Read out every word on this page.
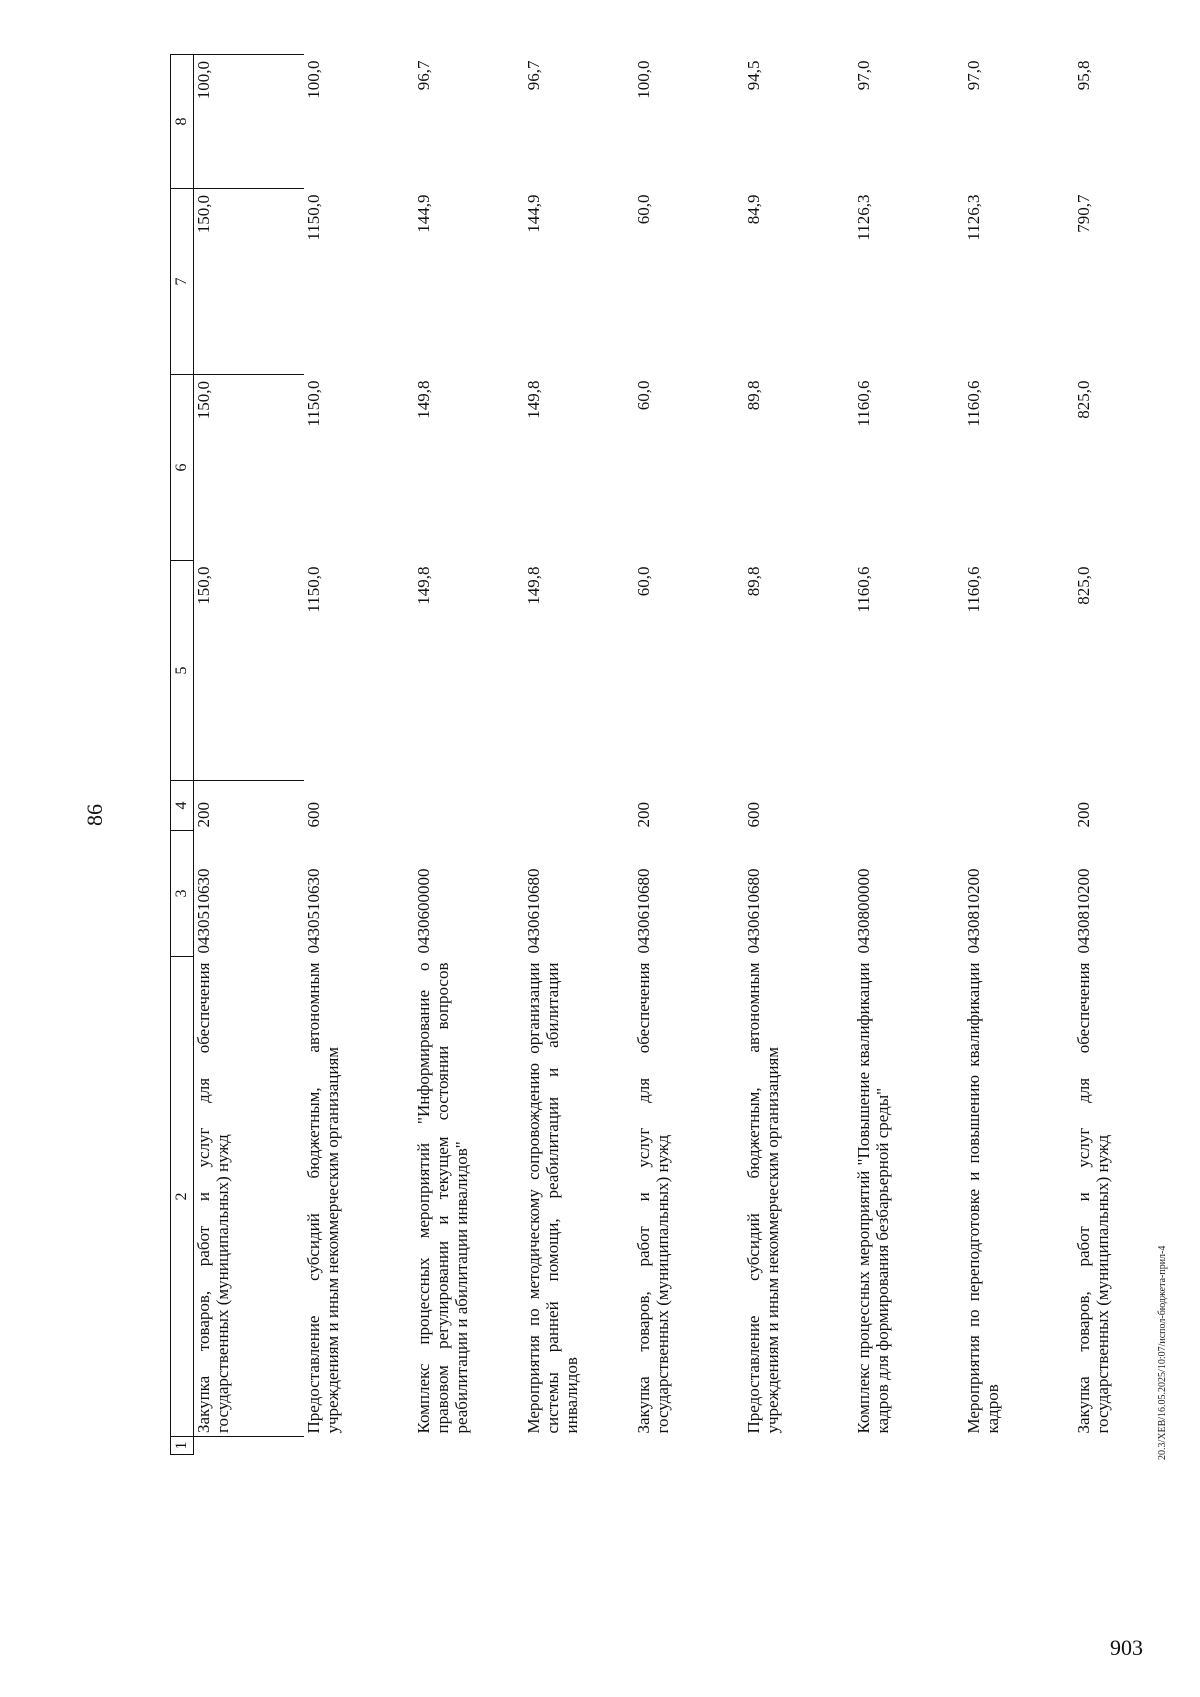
86
1	2	3	4	5	6	7	8
	Закупка товаров, работ и услуг для обеспечения государственных (муниципальных) нужд	0430510630	200	150,0	150,0	150,0	100,0
	Предоставление субсидий бюджетным, автономным учреждениям и иным некоммерческим организациям	0430510630	600	1150,0	1150,0	1150,0	100,0
	Комплекс процессных мероприятий "Информирование о правовом регулировании и текущем состоянии вопросов реабилитации и абилитации инвалидов"	0430600000		149,8	149,8	144,9	96,7
	Мероприятия по методическому сопровождению организации системы ранней помощи, реабилитации и абилитации инвалидов	0430610680		149,8	149,8	144,9	96,7
	Закупка товаров, работ и услуг для обеспечения государственных (муниципальных) нужд	0430610680	200	60,0	60,0	60,0	100,0
	Предоставление субсидий бюджетным, автономным учреждениям и иным некоммерческим организациям	0430610680	600	89,8	89,8	84,9	94,5
	Комплекс процессных мероприятий "Повышение квалификации кадров для формирования безбарьерной среды"	0430800000		1160,6	1160,6	1126,3	97,0
	Мероприятия по переподготовке и повышению квалификации кадров	0430810200		1160,6	1160,6	1126,3	97,0
	Закупка товаров, работ и услуг для обеспечения государственных (муниципальных) нужд	0430810200	200	825,0	825,0	790,7	95,8
20.3/ХЕВ/16.05.2025/10:07/испол-бюджета-прил-4
903
